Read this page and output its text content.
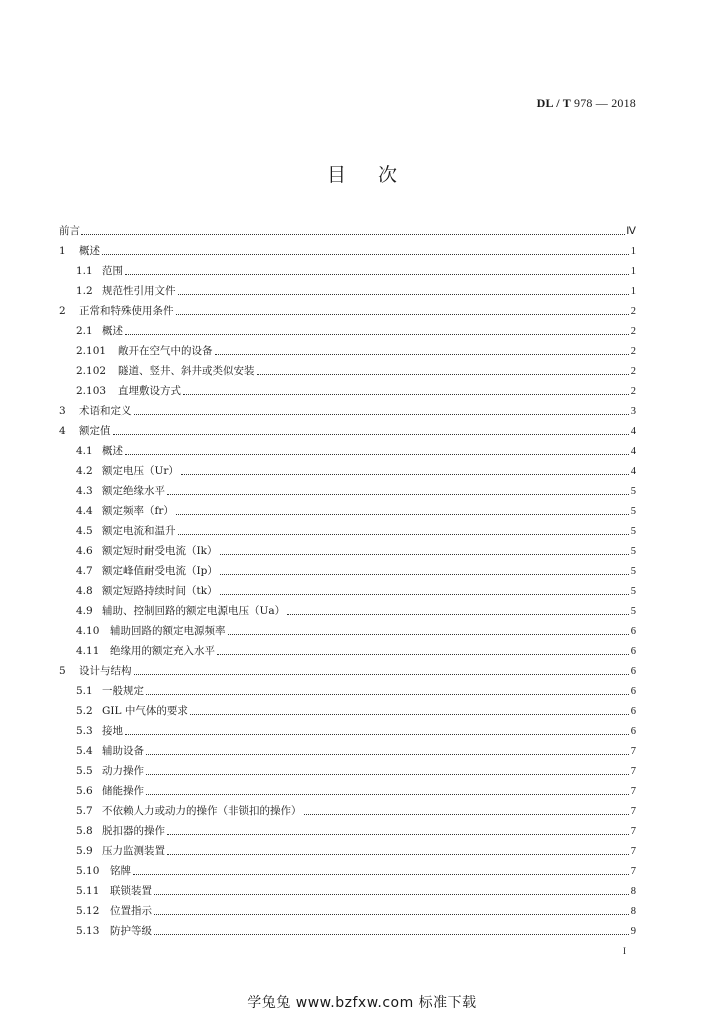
DL / T 978 — 2018
目次
前言	Ⅳ
1	概述	1
1.1 范围	1
1.2 规范性引用文件	1
2	正常和特殊使用条件	2
2.1 概述	2
2.101	敞开在空气中的设备	2
2.102	隧道、竖井、斜井或类似安装	2
2.103	直埋敷设方式	2
3	术语和定义	3
4	额定值	4
4.1 概述	4
4.2 额定电压（Ur）	4
4.3 额定绝缘水平	5
4.4 额定频率（fr）	5
4.5 额定电流和温升	5
4.6 额定短时耐受电流（Ik）	5
4.7 额定峰值耐受电流（Ip）	5
4.8 额定短路持续时间（tk）	5
4.9 辅助、控制回路的额定电源电压（Ua）	5
4.10	辅助回路的额定电源频率	6
4.11	绝缘用的额定充入水平	6
5	设计与结构	6
5.1 一般规定	6
5.2 GIL 中气体的要求	6
5.3 接地	6
5.4 辅助设备	7
5.5 动力操作	7
5.6 储能操作	7
5.7 不依赖人力或动力的操作（非锁扣的操作）	7
5.8 脱扣器的操作	7
5.9 压力监测装置	7
5.10	铭牌	7
5.11	联锁装置	8
5.12	位置指示	8
5.13	防护等级	9
I
学兔兔 www.bzfxw.com 标准下载
